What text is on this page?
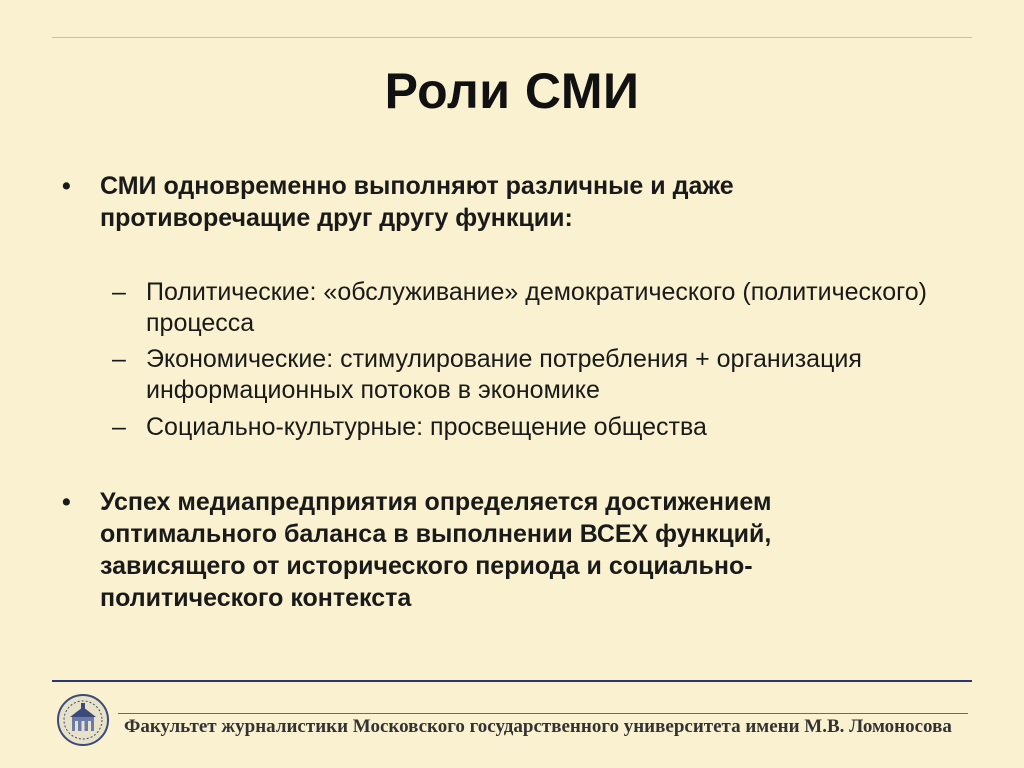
Роли СМИ
• СМИ одновременно выполняют различные и даже противоречащие друг другу функции:
– Политические: «обслуживание» демократического (политического) процесса
– Экономические: стимулирование потребления + организация информационных потоков в экономике
– Социально-культурные: просвещение общества
• Успех медиапредприятия определяется достижением оптимального баланса в выполнении ВСЕХ функций, зависящего от исторического периода и социально-политического контекста
Факультет журналистики Московского государственного университета имени М.В. Ломоносова
